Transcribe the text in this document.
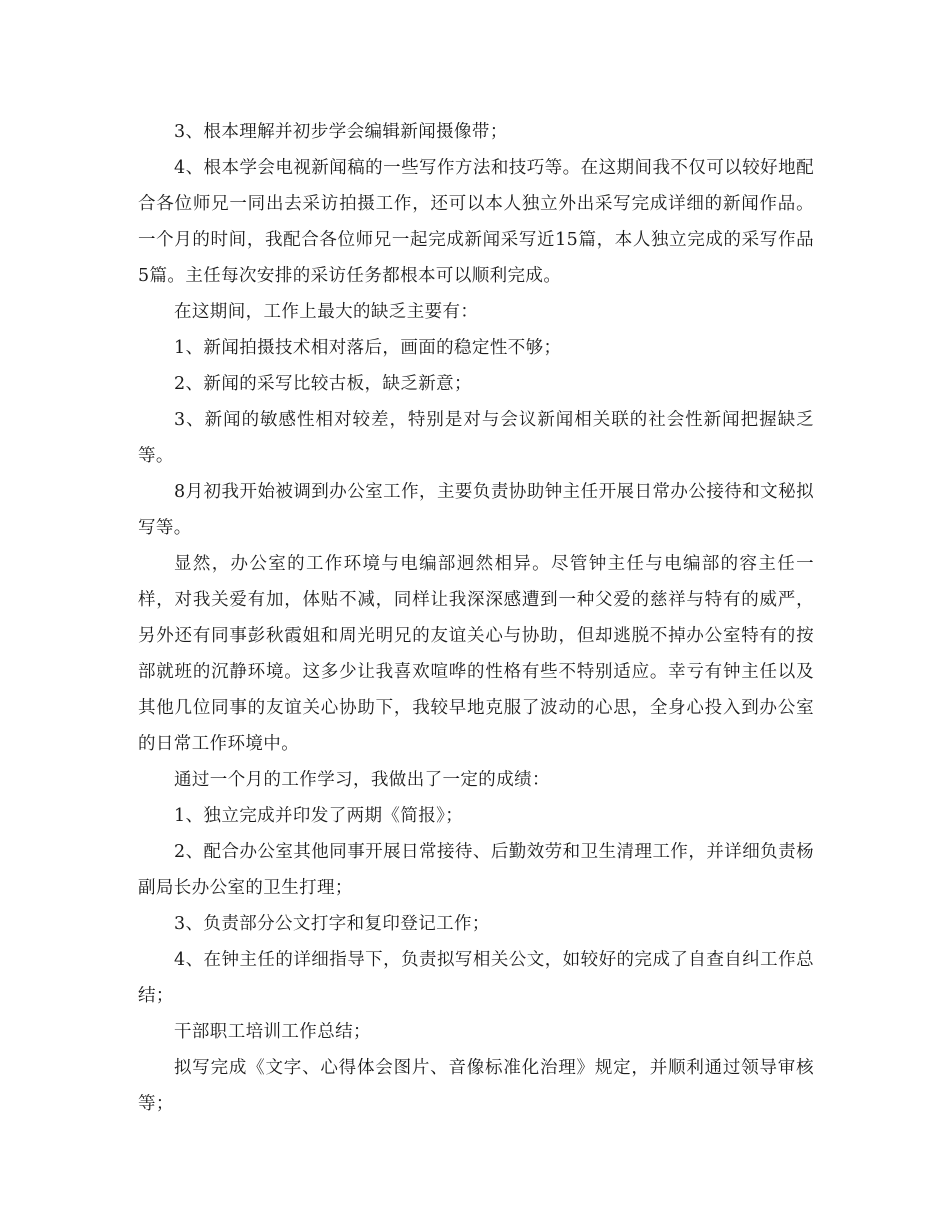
3、根本理解并初步学会编辑新闻摄像带；

4、根本学会电视新闻稿的一些写作方法和技巧等。在这期间我不仅可以较好地配合各位师兄一同出去采访拍摄工作，还可以本人独立外出采写完成详细的新闻作品。一个月的时间，我配合各位师兄一起完成新闻采写近15篇，本人独立完成的采写作品5篇。主任每次安排的采访任务都根本可以顺利完成。

在这期间，工作上最大的缺乏主要有：

1、新闻拍摄技术相对落后，画面的稳定性不够；

2、新闻的采写比较古板，缺乏新意；

3、新闻的敏感性相对较差，特别是对与会议新闻相关联的社会性新闻把握缺乏等。

8月初我开始被调到办公室工作，主要负责协助钟主任开展日常办公接待和文秘拟写等。

显然，办公室的工作环境与电编部迥然相异。尽管钟主任与电编部的容主任一样，对我关爱有加，体贴不减，同样让我深深感遭到一种父爱的慈祥与特有的威严，另外还有同事彭秋霞姐和周光明兄的友谊关心与协助，但却逃脱不掉办公室特有的按部就班的沉静环境。这多少让我喜欢喧哗的性格有些不特别适应。幸亏有钟主任以及其他几位同事的友谊关心协助下，我较早地克服了波动的心思，全身心投入到办公室的日常工作环境中。

通过一个月的工作学习，我做出了一定的成绩：

1、独立完成并印发了两期《简报》；

2、配合办公室其他同事开展日常接待、后勤效劳和卫生清理工作，并详细负责杨副局长办公室的卫生打理；

3、负责部分公文打字和复印登记工作；

4、在钟主任的详细指导下，负责拟写相关公文，如较好的完成了自查自纠工作总结；

干部职工培训工作总结；

拟写完成《文字、心得体会图片、音像标准化治理》规定，并顺利通过领导审核等；
